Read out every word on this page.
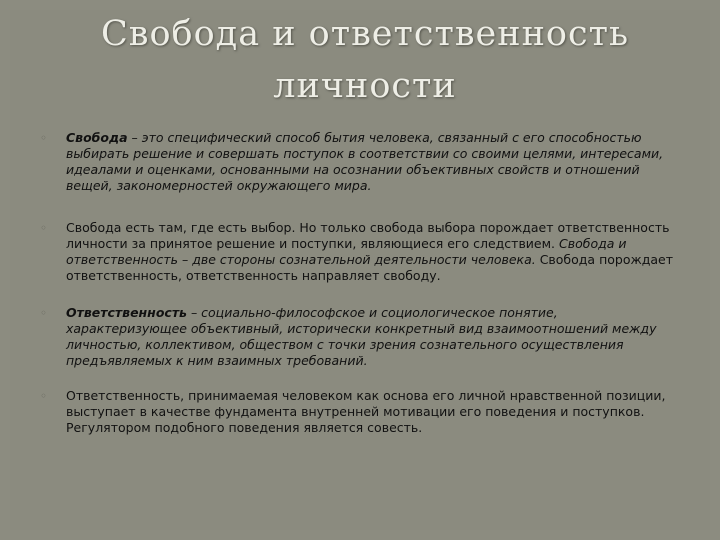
Свобода и ответственность
личности
◦	Свобода – это специфический способ бытия человека, связанный с его способностью выбирать решение и совершать поступок в соответствии со своими целями, интересами, идеалами и оценками, основанными на осознании объективных свойств и отношений вещей, закономерностей окружающего мира.
◦	Свобода есть там, где есть выбор. Но только свобода выбора порождает ответственность личности за принятое решение и поступки, являющиеся его следствием. Свобода и ответственность – две стороны сознательной деятельности человека. Свобода порождает ответственность, ответственность направляет свободу.
◦	Ответственность – социально-философское и социологическое понятие, характеризующее объективный, исторически конкретный вид взаимоотношений между личностью, коллективом, обществом с точки зрения сознательного осуществления предъявляемых к ним взаимных требований.
◦	Ответственность, принимаемая человеком как основа его личной нравственной позиции, выступает в качестве фундамента внутренней мотивации его поведения и поступков. Регулятором подобного поведения является совесть.
